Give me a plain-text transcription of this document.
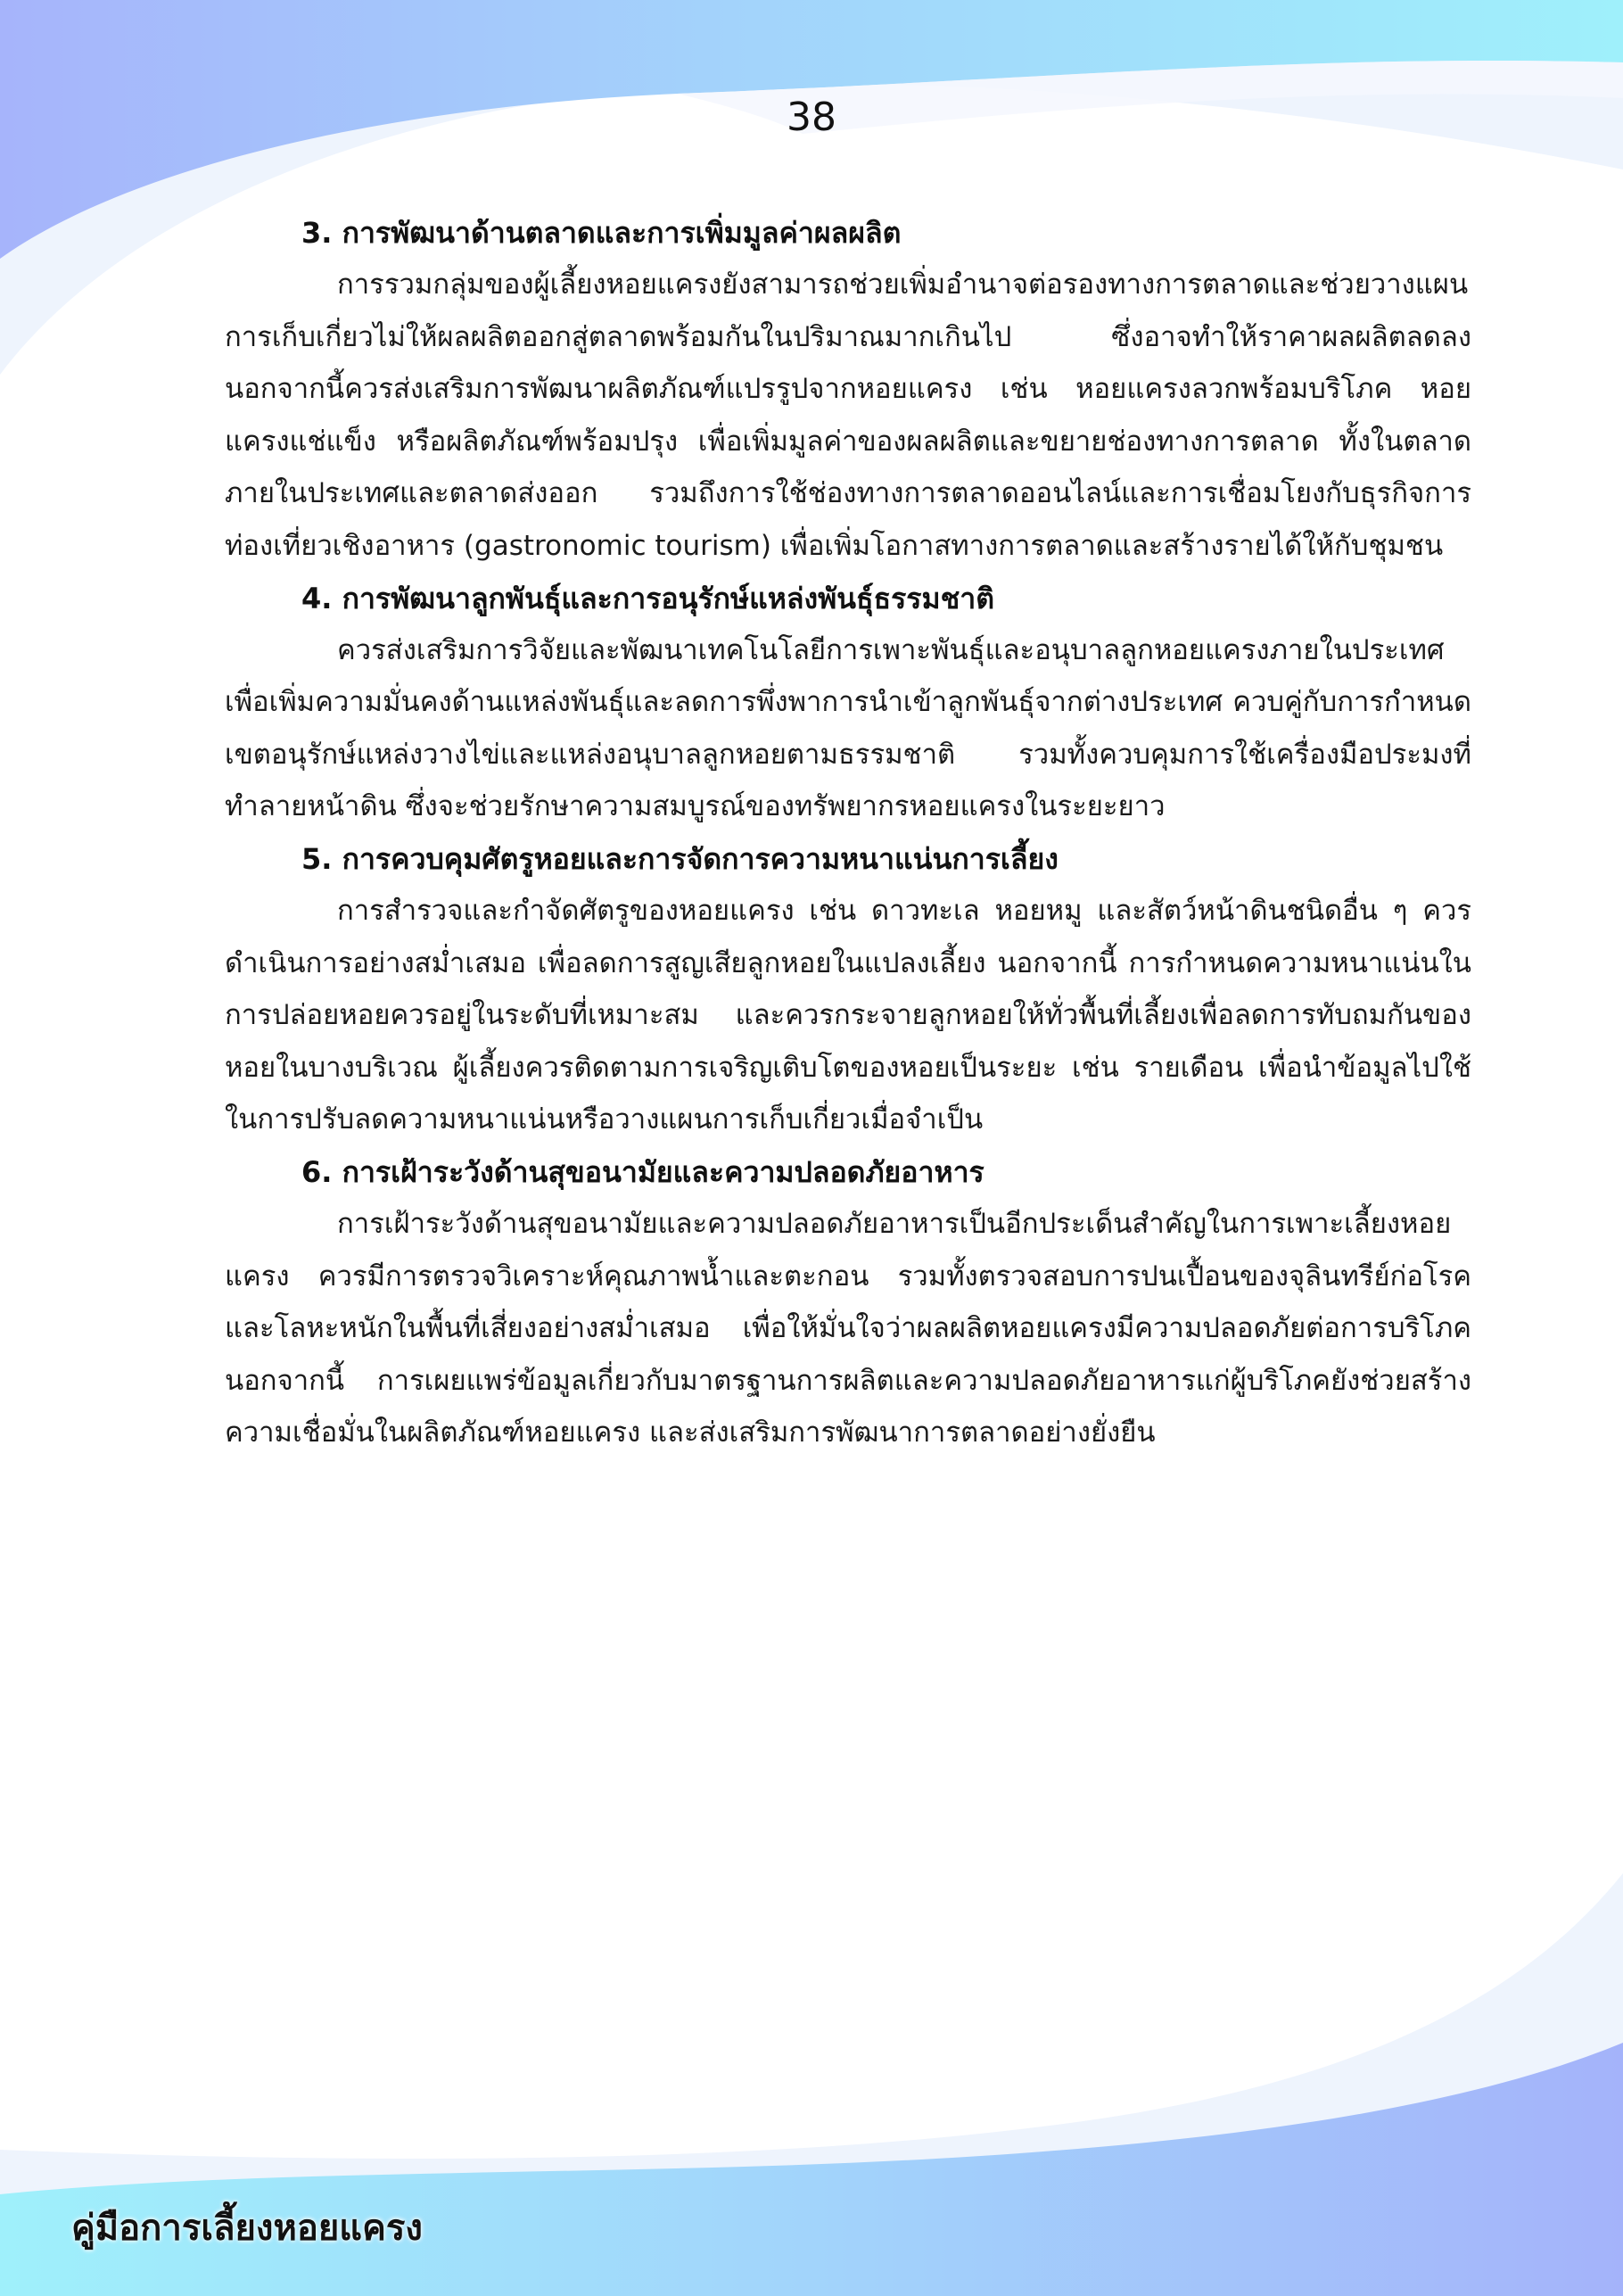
38
3. การพัฒนาด้านตลาดและการเพิ่มมูลค่าผลผลิต

การรวมกลุ่มของผู้เลี้ยงหอยแครงยังสามารถช่วยเพิ่มอำนาจต่อรองทางการตลาดและช่วยวางแผนการเก็บเกี่ยวไม่ให้ผลผลิตออกสู่ตลาดพร้อมกันในปริมาณมากเกินไป ซึ่งอาจทำให้ราคาผลผลิตลดลง นอกจากนี้ควรส่งเสริมการพัฒนาผลิตภัณฑ์แปรรูปจากหอยแครง เช่น หอยแครงลวกพร้อมบริโภค หอยแครงแช่แข็ง หรือผลิตภัณฑ์พร้อมปรุง เพื่อเพิ่มมูลค่าของผลผลิตและขยายช่องทางการตลาด ทั้งในตลาดภายในประเทศและตลาดส่งออก รวมถึงการใช้ช่องทางการตลาดออนไลน์และการเชื่อมโยงกับธุรกิจการท่องเที่ยวเชิงอาหาร (gastronomic tourism) เพื่อเพิ่มโอกาสทางการตลาดและสร้างรายได้ให้กับชุมชน

4. การพัฒนาลูกพันธุ์และการอนุรักษ์แหล่งพันธุ์ธรรมชาติ

ควรส่งเสริมการวิจัยและพัฒนาเทคโนโลยีการเพาะพันธุ์และอนุบาลลูกหอยแครงภายในประเทศ เพื่อเพิ่มความมั่นคงด้านแหล่งพันธุ์และลดการพึ่งพาการนำเข้าลูกพันธุ์จากต่างประเทศ ควบคู่กับการกำหนดเขตอนุรักษ์แหล่งวางไข่และแหล่งอนุบาลลูกหอยตามธรรมชาติ รวมทั้งควบคุมการใช้เครื่องมือประมงที่ทำลายหน้าดิน ซึ่งจะช่วยรักษาความสมบูรณ์ของทรัพยากรหอยแครงในระยะยาว

5. การควบคุมศัตรูหอยและการจัดการความหนาแน่นการเลี้ยง

การสำรวจและกำจัดศัตรูของหอยแครง เช่น ดาวทะเล หอยหมู และสัตว์หน้าดินชนิดอื่น ๆ ควรดำเนินการอย่างสม่ำเสมอ เพื่อลดการสูญเสียลูกหอยในแปลงเลี้ยง นอกจากนี้ การกำหนดความหนาแน่นในการปล่อยหอยควรอยู่ในระดับที่เหมาะสม และควรกระจายลูกหอยให้ทั่วพื้นที่เลี้ยงเพื่อลดการทับถมกันของหอยในบางบริเวณ ผู้เลี้ยงควรติดตามการเจริญเติบโตของหอยเป็นระยะ เช่น รายเดือน เพื่อนำข้อมูลไปใช้ในการปรับลดความหนาแน่นหรือวางแผนการเก็บเกี่ยวเมื่อจำเป็น

6. การเฝ้าระวังด้านสุขอนามัยและความปลอดภัยอาหาร

การเฝ้าระวังด้านสุขอนามัยและความปลอดภัยอาหารเป็นอีกประเด็นสำคัญในการเพาะเลี้ยงหอยแครง ควรมีการตรวจวิเคราะห์คุณภาพน้ำและตะกอน รวมทั้งตรวจสอบการปนเปื้อนของจุลินทรีย์ก่อโรคและโลหะหนักในพื้นที่เสี่ยงอย่างสม่ำเสมอ เพื่อให้มั่นใจว่าผลผลิตหอยแครงมีความปลอดภัยต่อการบริโภค นอกจากนี้ การเผยแพร่ข้อมูลเกี่ยวกับมาตรฐานการผลิตและความปลอดภัยอาหารแก่ผู้บริโภคยังช่วยสร้างความเชื่อมั่นในผลิตภัณฑ์หอยแครง และส่งเสริมการพัฒนาการตลาดอย่างยั่งยืน

คู่มือการเลี้ยงหอยแครง
